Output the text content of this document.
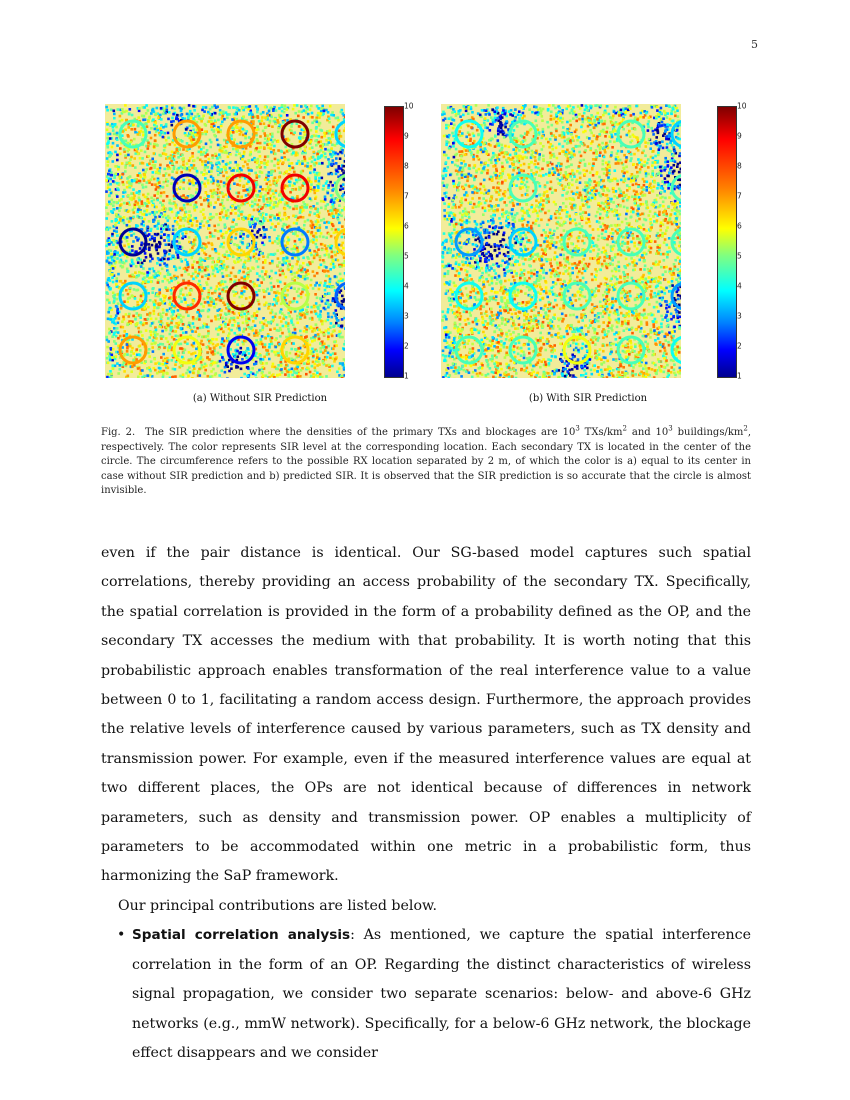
5
10
9
8
7
6
5
4
3
2
1
10
9
8
7
6
5
4
3
2
1
(a) Without SIR Prediction	(b) With SIR Prediction
Fig. 2. The SIR prediction where the densities of the primary TXs and blockages are $10^3$ TXs/$km^2$ and $10^3$ buildings/$km^2$, respectively. The color represents SIR level at the corresponding location. Each secondary TX is located in the center of the circle. The circumference refers to the possible RX location separated by 2 m, of which the color is a) equal to its center in case without SIR prediction and b) predicted SIR. It is observed that the SIR prediction is so accurate that the circle is almost invisible.

even if the pair distance is identical. Our SG-based model captures such spatial correlations, thereby providing an access probability of the secondary TX. Specifically, the spatial correlation is provided in the form of a probability defined as the OP, and the secondary TX accesses the medium with that probability. It is worth noting that this probabilistic approach enables transformation of the real interference value to a value between 0 to 1, facilitating a random access design. Furthermore, the approach provides the relative levels of interference caused by various parameters, such as TX density and transmission power. For example, even if the measured interference values are equal at two different places, the OPs are not identical because of differences in network parameters, such as density and transmission power. OP enables a multiplicity of parameters to be accommodated within one metric in a probabilistic form, thus harmonizing the SaP framework.

Our principal contributions are listed below.

• Spatial correlation analysis: As mentioned, we capture the spatial interference correlation in the form of an OP. Regarding the distinct characteristics of wireless signal propagation, we consider two separate scenarios: below- and above-6 GHz networks (e.g., mmW network). Specifically, for a below-6 GHz network, the blockage effect disappears and we consider
